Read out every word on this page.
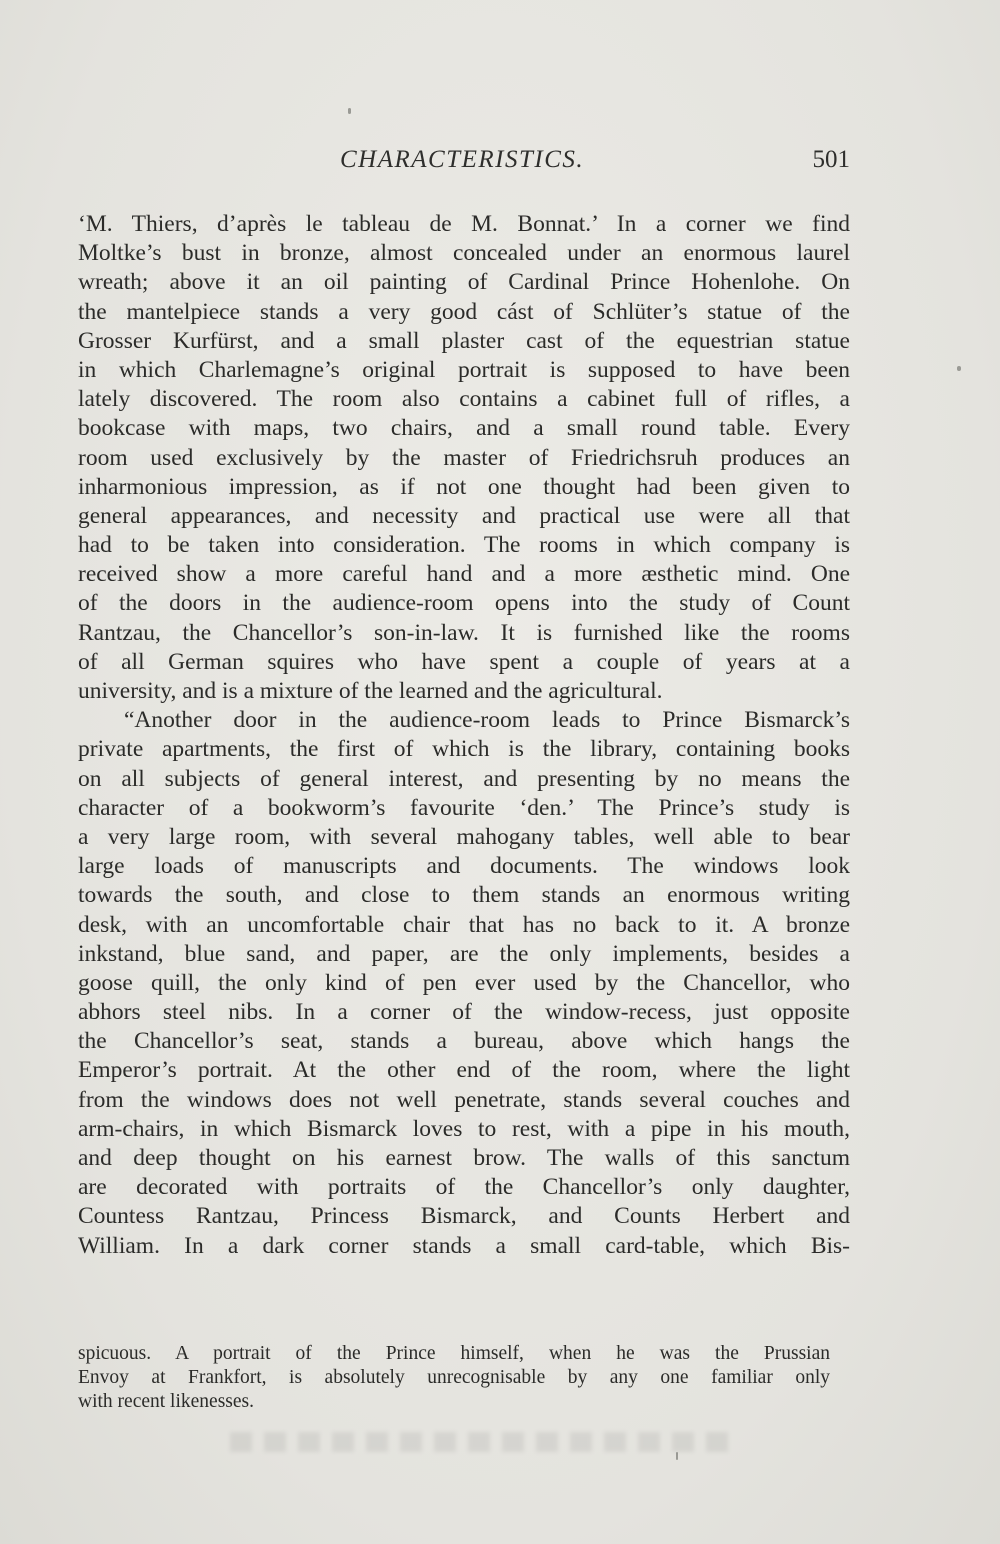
CHARACTERISTICS.	501
‘M. Thiers, d’après le tableau de M. Bonnat.’ In a corner we find
Moltke’s bust in bronze, almost concealed under an enormous laurel
wreath; above it an oil painting of Cardinal Prince Hohenlohe. On
the mantelpiece stands a very good cást of Schlüter’s statue of the
Grosser Kurfürst, and a small plaster cast of the equestrian statue
in which Charlemagne’s original portrait is supposed to have been
lately discovered. The room also contains a cabinet full of rifles, a
bookcase with maps, two chairs, and a small round table. Every
room used exclusively by the master of Friedrichsruh produces an
inharmonious impression, as if not one thought had been given to
general appearances, and necessity and practical use were all that
had to be taken into consideration. The rooms in which company is
received show a more careful hand and a more æsthetic mind. One
of the doors in the audience-room opens into the study of Count
Rantzau, the Chancellor’s son-in-law. It is furnished like the rooms
of all German squires who have spent a couple of years at a
university, and is a mixture of the learned and the agricultural.
“Another door in the audience-room leads to Prince Bismarck’s
private apartments, the first of which is the library, containing books
on all subjects of general interest, and presenting by no means the
character of a bookworm’s favourite ‘den.’ The Prince’s study is
a very large room, with several mahogany tables, well able to bear
large loads of manuscripts and documents. The windows look
towards the south, and close to them stands an enormous writing
desk, with an uncomfortable chair that has no back to it. A bronze
inkstand, blue sand, and paper, are the only implements, besides a
goose quill, the only kind of pen ever used by the Chancellor, who
abhors steel nibs. In a corner of the window-recess, just opposite
the Chancellor’s seat, stands a bureau, above which hangs the
Emperor’s portrait. At the other end of the room, where the light
from the windows does not well penetrate, stands several couches and
arm-chairs, in which Bismarck loves to rest, with a pipe in his mouth,
and deep thought on his earnest brow. The walls of this sanctum
are decorated with portraits of the Chancellor’s only daughter,
Countess Rantzau, Princess Bismarck, and Counts Herbert and
William. In a dark corner stands a small card-table, which Bis-
spicuous. A portrait of the Prince himself, when he was the Prussian
Envoy at Frankfort, is absolutely unrecognisable by any one familiar only
with recent likenesses.
